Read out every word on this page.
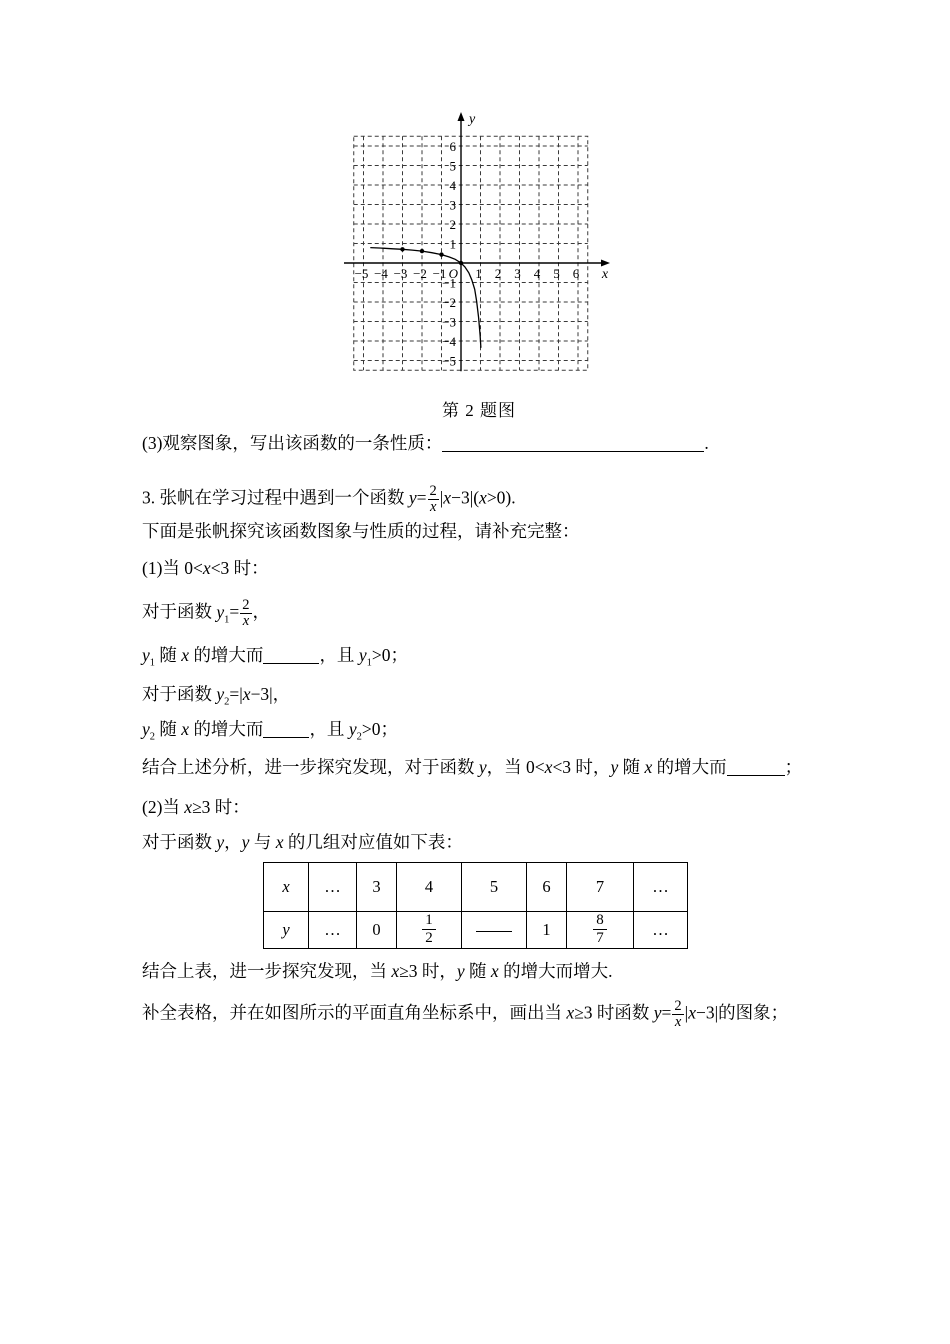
−5 −4 −3 −2 −1 1 2 3 4 5 6
6
5
4
3
2
1
−1
−2
−3
−4
−5
O	x
y
第 2 题图
(3)观察图象，写出该函数的一条性质：	.
3. 张帆在学习过程中遇到一个函数 $y= \frac{2}{x} |x-3|(x>0)$.
下面是张帆探究该函数图象与性质的过程，请补充完整：
(1)当 0<x<3 时：
对于函数 $y_1= \frac{2}{x}$ ，
$y_1$ 随 x 的增大而	，且 $y_1>0$；
对于函数 $y_2=|x-3|$，
$y_2$ 随 x 的增大而	，且 $y_2>0$；
结合上述分析，进一步探究发现，对于函数 y，当 0<x<3 时，y 随 x 的增大而	；
(2)当 x≥3 时：
对于函数 y，y 与 x 的几组对应值如下表：
结合上表，进一步探究发现，当 x≥3 时，y 随 x 的增大而增大.
补全表格，并在如图所示的平面直角坐标系中，画出当 x≥3 时函数 $y= \frac{2}{x} |x-3|$的图象；
x	…	3	4	5	6	7	…
y	…	0	$\frac{1}{2}$		1	$\frac{8}{7}$	…
